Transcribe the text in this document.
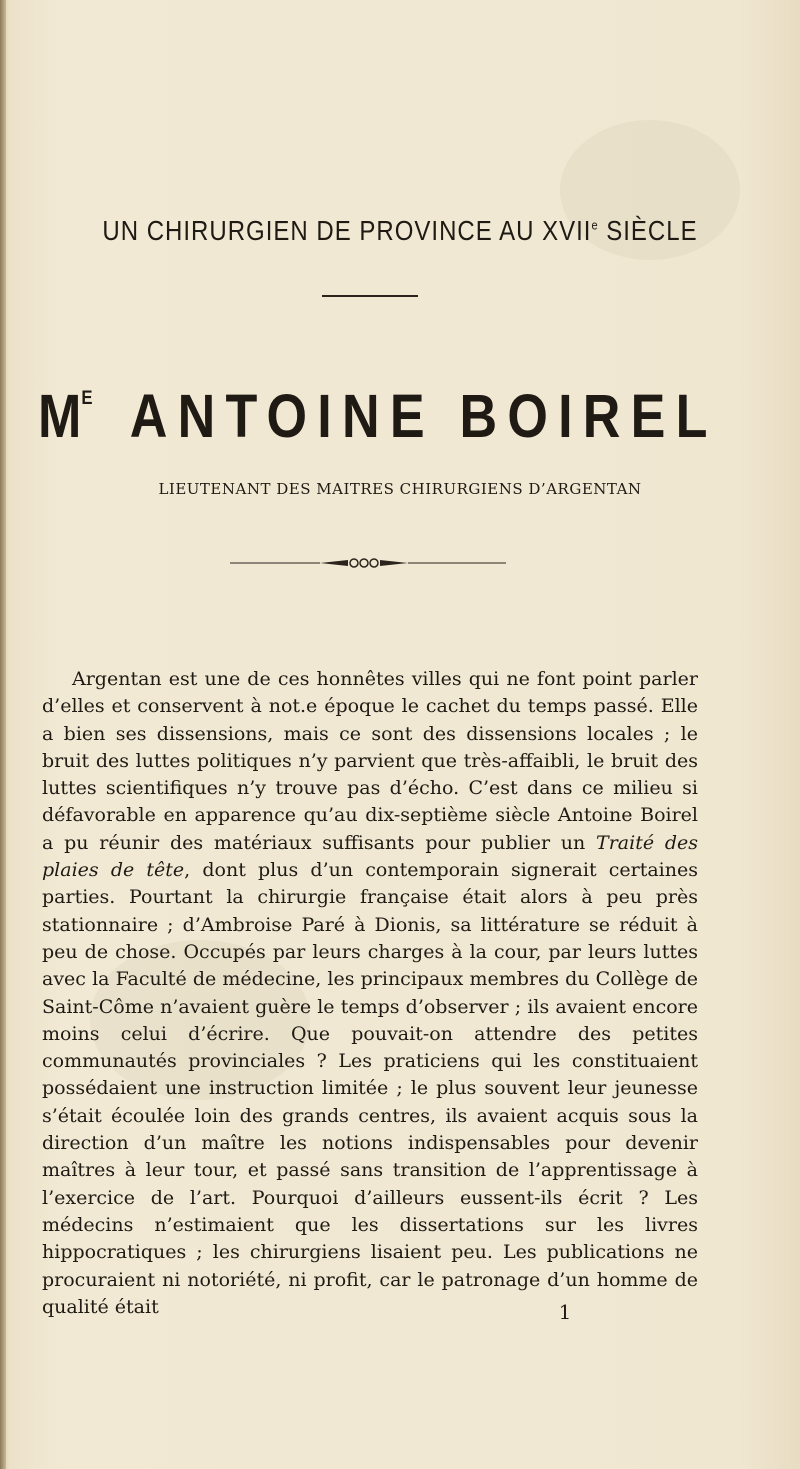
UN CHIRURGIEN DE PROVINCE AU XVIIe SIÈCLE
$M^E$ ANTOINE BOIREL
LIEUTENANT DES MAITRES CHIRURGIENS D’ARGENTAN

Argentan est une de ces honnêtes villes qui ne font point parler d’elles et conservent à not.e époque le cachet du temps passé. Elle a bien ses dissensions, mais ce sont des dissensions locales ; le bruit des luttes politiques n’y parvient que très-affaibli, le bruit des luttes scientifiques n’y trouve pas d’écho. C’est dans ce milieu si défavorable en apparence qu’au dix-septième siècle Antoine Boirel a pu réunir des matériaux suffisants pour publier un Traité des plaies de tête, dont plus d’un contemporain signerait certaines parties. Pourtant la chirurgie française était alors à peu près stationnaire ; d’Ambroise Paré à Dionis, sa littérature se réduit à peu de chose. Occupés par leurs charges à la cour, par leurs luttes avec la Faculté de médecine, les principaux membres du Collège de Saint-Côme n’avaient guère le temps d’observer ; ils avaient encore moins celui d’écrire. Que pouvait-on attendre des petites communautés provinciales ? Les praticiens qui les constituaient possédaient une instruction limitée ; le plus souvent leur jeunesse s’était écoulée loin des grands centres, ils avaient acquis sous la direction d’un maître les notions indispensables pour devenir maîtres à leur tour, et passé sans transition de l’apprentissage à l’exercice de l’art. Pourquoi d’ailleurs eussent-ils écrit ? Les médecins n’estimaient que les dissertations sur les livres hippocratiques ; les chirurgiens lisaient peu. Les publications ne procuraient ni notoriété, ni profit, car le patronage d’un homme de qualité était	1
